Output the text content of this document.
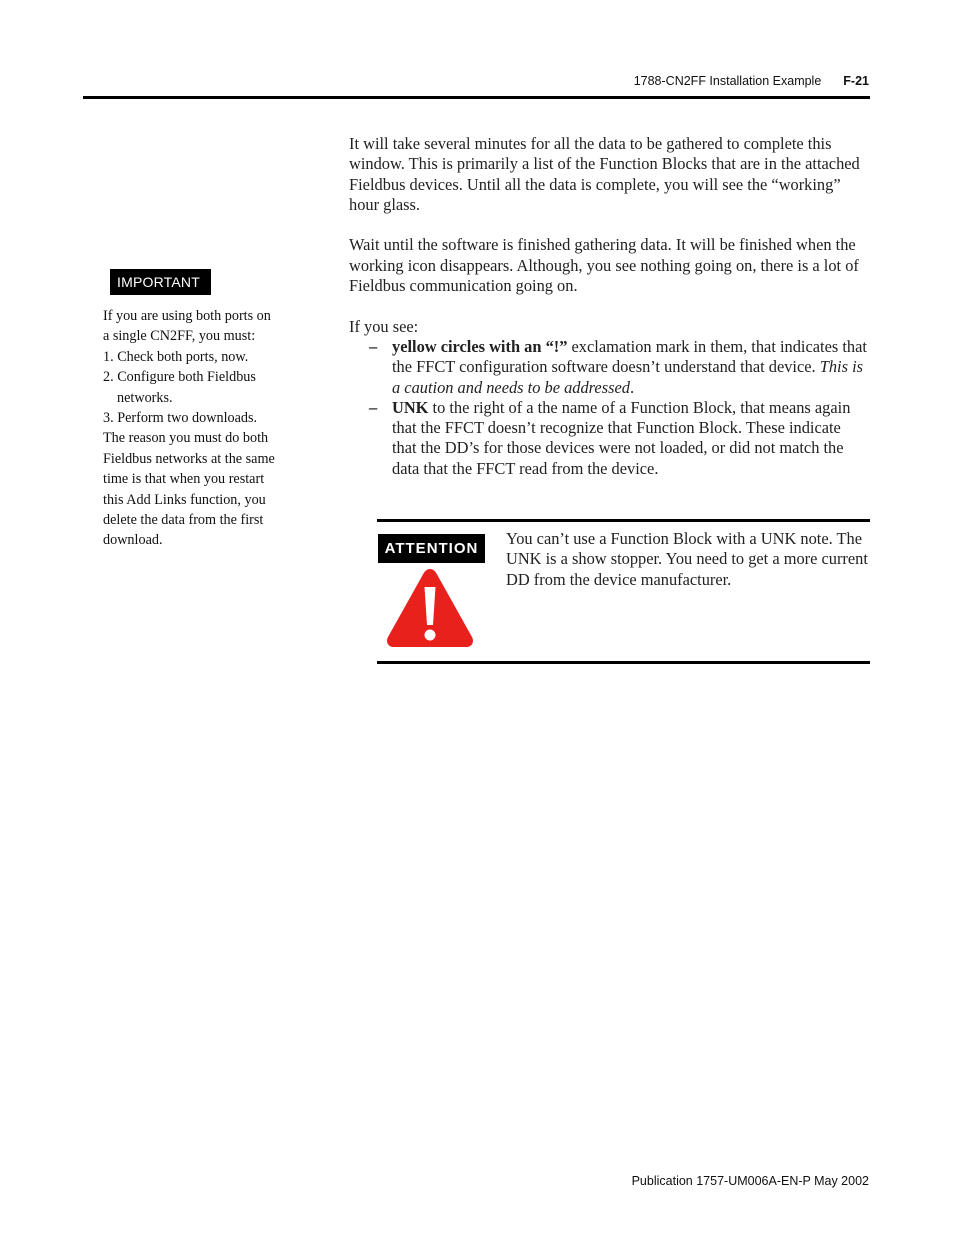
1788-CN2FF Installation Example F-21
IMPORTANT
If you are using both ports on
a single CN2FF, you must:
1. Check both ports, now.
2. Configure both Fieldbus
networks.
3. Perform two downloads.
The reason you must do both
Fieldbus networks at the same
time is that when you restart
this Add Links function, you
delete the data from the first
download.

It will take several minutes for all the data to be gathered to complete this window. This is primarily a list of the Function Blocks that are in the attached Fieldbus devices. Until all the data is complete, you will see the “working” hour glass.

Wait until the software is finished gathering data. It will be finished when the working icon disappears. Although, you see nothing going on, there is a lot of Fieldbus communication going on.

If you see:

– yellow circles with an “!” exclamation mark in them, that indicates that the FFCT configuration software doesn’t understand that device. This is a caution and needs to be addressed.
– UNK to the right of a the name of a Function Block, that means again that the FFCT doesn’t recognize that Function Block. These indicate that the DD’s for those devices were not loaded, or did not match the data that the FFCT read from the device.
ATTENTION
You can’t use a Function Block with a UNK note. The UNK is a show stopper. You need to get a more current DD from the device manufacturer.
Publication 1757-UM006A-EN-P May 2002
